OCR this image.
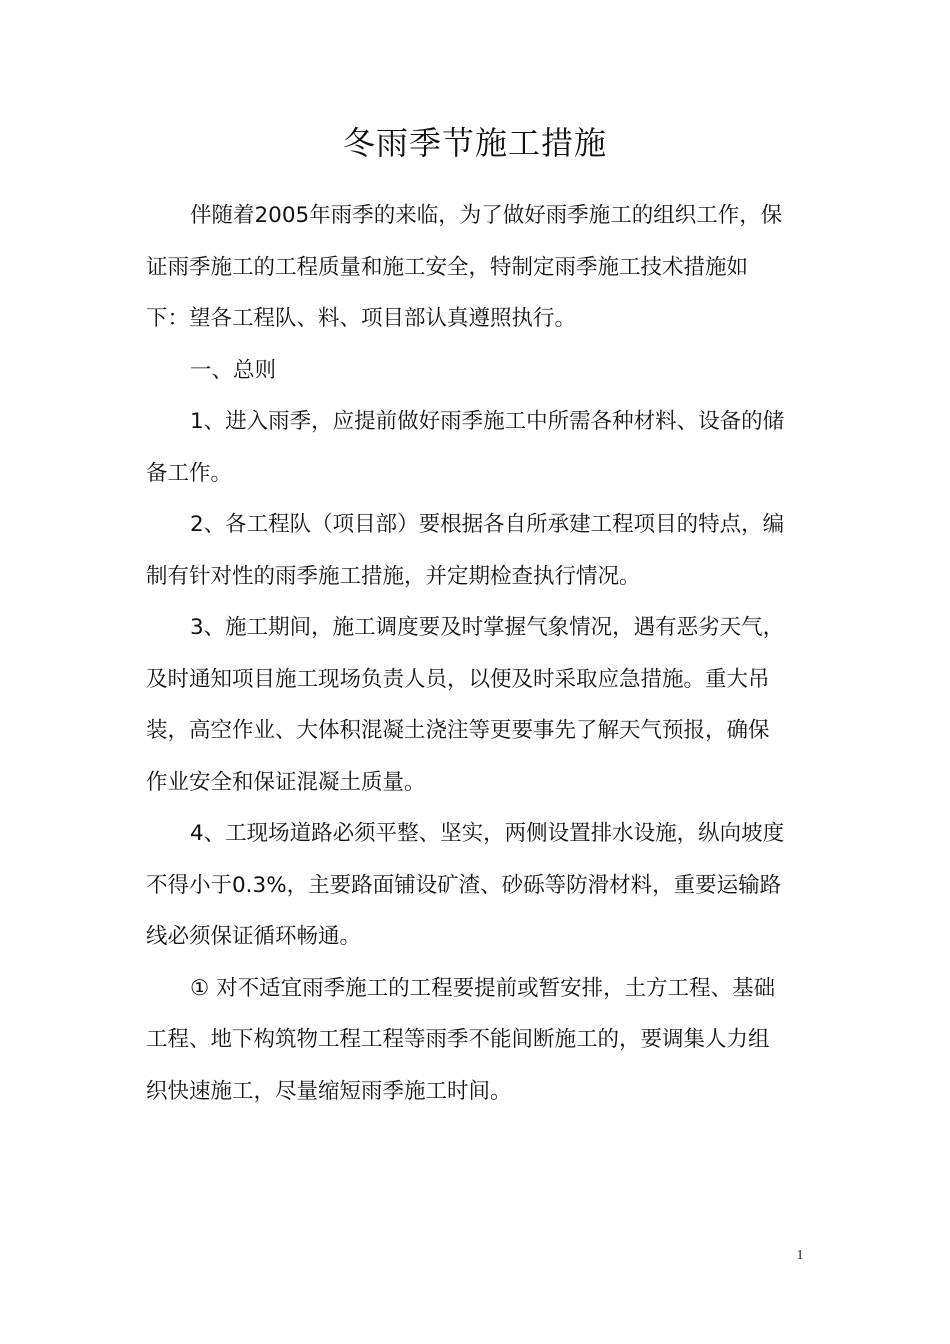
冬雨季节施工措施

伴随着2005年雨季的来临，为了做好雨季施工的组织工作，保
证雨季施工的工程质量和施工安全，特制定雨季施工技术措施如
下：望各工程队、料、项目部认真遵照执行。

一、总则

1、进入雨季，应提前做好雨季施工中所需各种材料、设备的储
备工作。

2、各工程队（项目部）要根据各自所承建工程项目的特点，编
制有针对性的雨季施工措施，并定期检查执行情况。

3、施工期间，施工调度要及时掌握气象情况，遇有恶劣天气，
及时通知项目施工现场负责人员，以便及时采取应急措施。重大吊
装，高空作业、大体积混凝土浇注等更要事先了解天气预报，确保
作业安全和保证混凝土质量。

4、工现场道路必须平整、坚实，两侧设置排水设施，纵向坡度
不得小于0.3%，主要路面铺设矿渣、砂砾等防滑材料，重要运输路
线必须保证循环畅通。

① 对不适宜雨季施工的工程要提前或暂安排，土方工程、基础
工程、地下构筑物工程工程等雨季不能间断施工的，要调集人力组
织快速施工，尽量缩短雨季施工时间。

1
